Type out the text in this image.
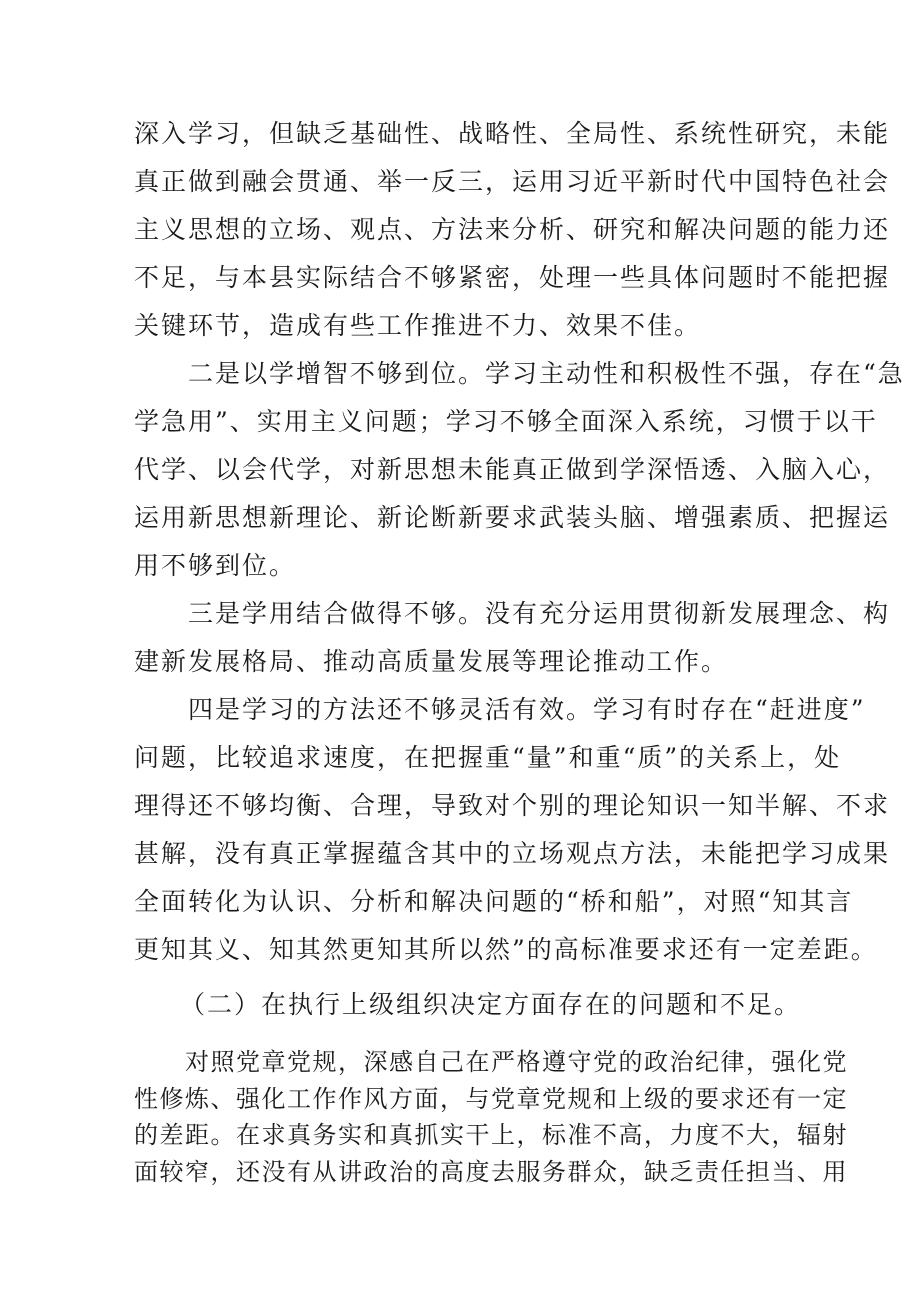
深入学习，但缺乏基础性、战略性、全局性、系统性研究，未能
真正做到融会贯通、举一反三，运用习近平新时代中国特色社会
主义思想的立场、观点、方法来分析、研究和解决问题的能力还
不足，与本县实际结合不够紧密，处理一些具体问题时不能把握
关键环节，造成有些工作推进不力、效果不佳。
　　二是以学增智不够到位。学习主动性和积极性不强，存在“急
学急用”、实用主义问题；学习不够全面深入系统，习惯于以干
代学、以会代学，对新思想未能真正做到学深悟透、入脑入心，
运用新思想新理论、新论断新要求武装头脑、增强素质、把握运
用不够到位。
　　三是学用结合做得不够。没有充分运用贯彻新发展理念、构
建新发展格局、推动高质量发展等理论推动工作。
　　四是学习的方法还不够灵活有效。学习有时存在“赶进度”
问题，比较追求速度，在把握重“量”和重“质”的关系上，处
理得还不够均衡、合理，导致对个别的理论知识一知半解、不求
甚解，没有真正掌握蕴含其中的立场观点方法，未能把学习成果
全面转化为认识、分析和解决问题的“桥和船”，对照“知其言
更知其义、知其然更知其所以然”的高标准要求还有一定差距。
（二）在执行上级组织决定方面存在的问题和不足。
　　对照党章党规，深感自己在严格遵守党的政治纪律，强化党
性修炼、强化工作作风方面，与党章党规和上级的要求还有一定
的差距。在求真务实和真抓实干上，标准不高，力度不大，辐射
面较窄，还没有从讲政治的高度去服务群众，缺乏责任担当、用
